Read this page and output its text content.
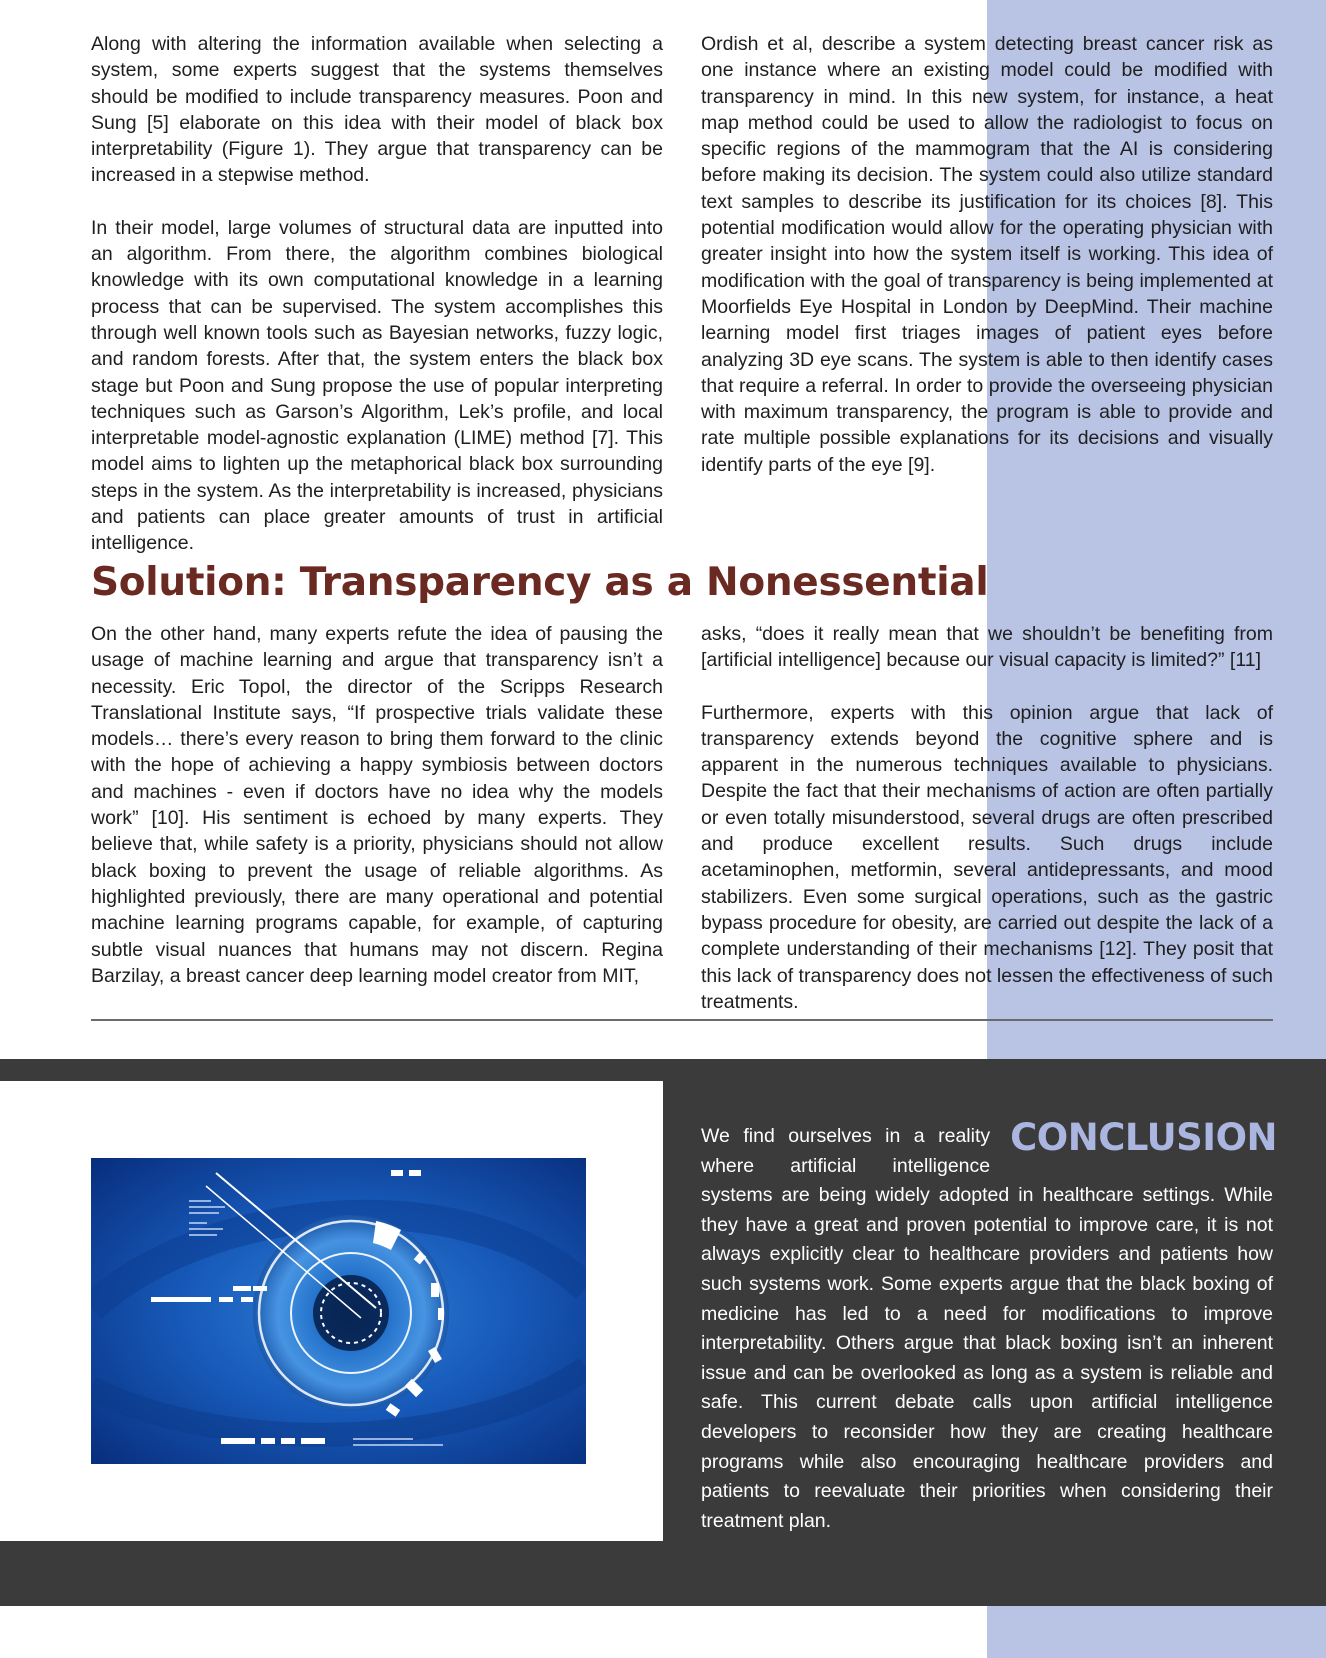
Along with altering the information available when selecting a system, some experts suggest that the systems themselves should be modified to include transparency measures. Poon and Sung [5] elaborate on this idea with their model of black box interpretability (Figure 1). They argue that transparency can be increased in a stepwise method.

In their model, large volumes of structural data are inputted into an algorithm. From there, the algorithm combines biological knowledge with its own computational knowledge in a learning process that can be supervised. The system accomplishes this through well known tools such as Bayesian networks, fuzzy logic, and random forests. After that, the system enters the black box stage but Poon and Sung propose the use of popular interpreting techniques such as Garson’s Algorithm, Lek’s profile, and local interpretable model-agnostic explanation (LIME) method [7]. This model aims to lighten up the metaphorical black box surrounding steps in the system. As the interpretability is increased, physicians and patients can place greater amounts of trust in artificial intelligence.

Ordish et al, describe a system detecting breast cancer risk as one instance where an existing model could be modified with transparency in mind. In this new system, for instance, a heat map method could be used to allow the radiologist to focus on specific regions of the mammogram that the AI is considering before making its decision. The system could also utilize standard text samples to describe its justification for its choices [8]. This potential modification would allow for the operating physician with greater insight into how the system itself is working. This idea of modification with the goal of transparency is being implemented at Moorfields Eye Hospital in London by DeepMind. Their machine learning model first triages images of patient eyes before analyzing 3D eye scans. The system is able to then identify cases that require a referral. In order to provide the overseeing physician with maximum transparency, the program is able to provide and rate multiple possible explanations for its decisions and visually identify parts of the eye [9].

Solution: Transparency as a Nonessential

On the other hand, many experts refute the idea of pausing the usage of machine learning and argue that transparency isn’t a necessity. Eric Topol, the director of the Scripps Research Translational Institute says, “If prospective trials validate these models… there’s every reason to bring them forward to the clinic with the hope of achieving a happy symbiosis between doctors and machines - even if doctors have no idea why the models work” [10]. His sentiment is echoed by many experts. They believe that, while safety is a priority, physicians should not allow black boxing to prevent the usage of reliable algorithms. As highlighted previously, there are many operational and potential machine learning programs capable, for example, of capturing subtle visual nuances that humans may not discern. Regina Barzilay, a breast cancer deep learning model creator from MIT,

asks, “does it really mean that we shouldn’t be benefiting from [artificial intelligence] because our visual capacity is limited?” [11]

Furthermore, experts with this opinion argue that lack of transparency extends beyond the cognitive sphere and is apparent in the numerous techniques available to physicians. Despite the fact that their mechanisms of action are often partially or even totally misunderstood, several drugs are often prescribed and produce excellent results. Such drugs include acetaminophen, metformin, several antidepressants, and mood stabilizers. Even some surgical operations, such as the gastric bypass procedure for obesity, are carried out despite the lack of a complete understanding of their mechanisms [12]. They posit that this lack of transparency does not lessen the effectiveness of such treatments.

CONCLUSION

We find ourselves in a reality where artificial intelligence systems are being widely adopted in healthcare settings. While they have a great and proven potential to improve care, it is not always explicitly clear to healthcare providers and patients how such systems work. Some experts argue that the black boxing of medicine has led to a need for modifications to improve interpretability. Others argue that black boxing isn’t an inherent issue and can be overlooked as long as a system is reliable and safe. This current debate calls upon artificial intelligence developers to reconsider how they are creating healthcare programs while also encouraging healthcare providers and patients to reevaluate their priorities when considering their treatment plan.
